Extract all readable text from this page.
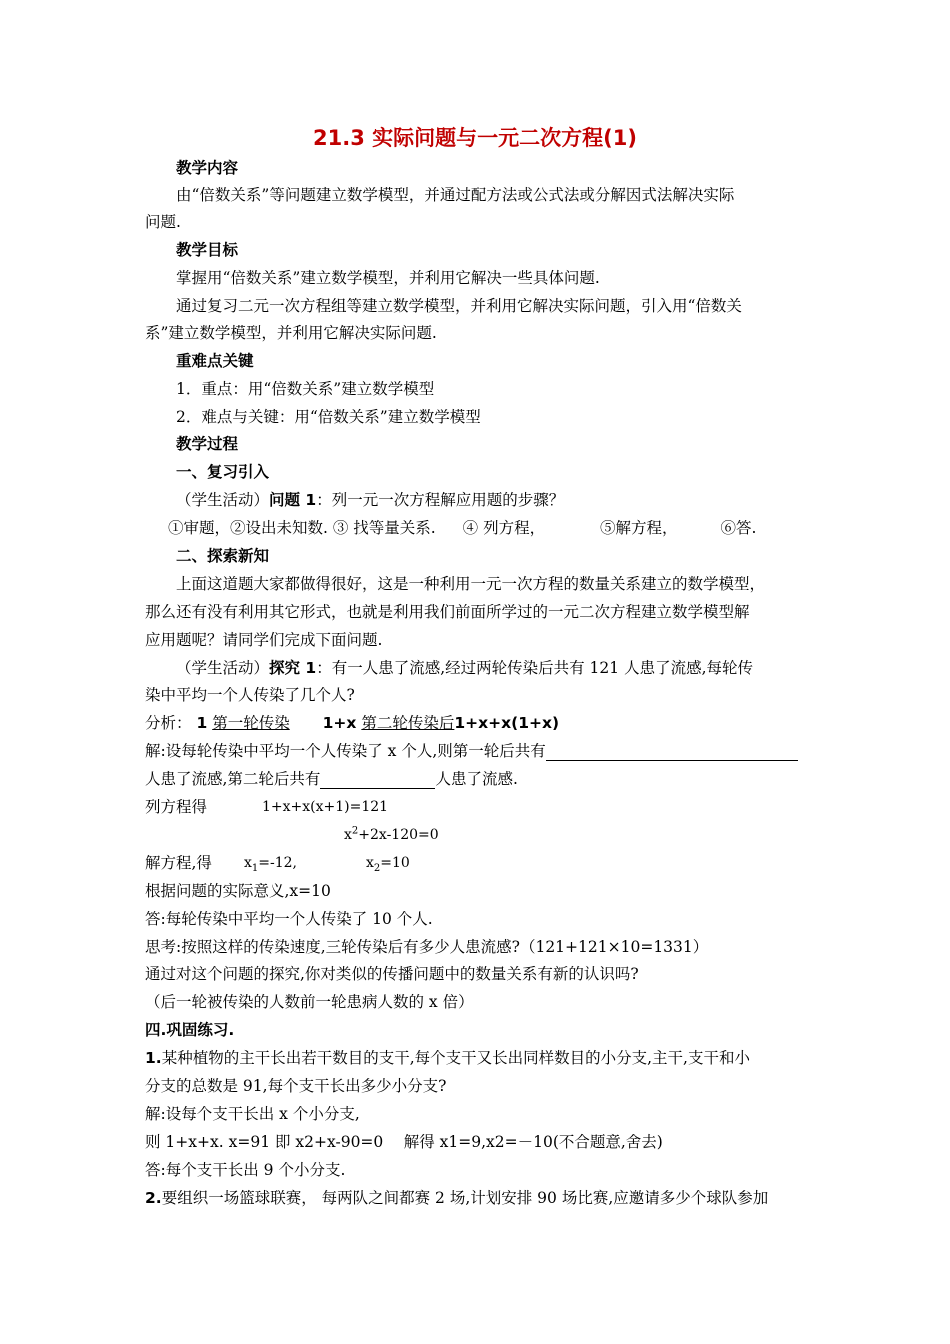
21.3 实际问题与一元二次方程(1)
教学内容
由“倍数关系”等问题建立数学模型，并通过配方法或公式法或分解因式法解决实际
问题.
教学目标
掌握用“倍数关系”建立数学模型，并利用它解决一些具体问题.
通过复习二元一次方程组等建立数学模型，并利用它解决实际问题，引入用“倍数关
系”建立数学模型，并利用它解决实际问题.
重难点关键
1．重点：用“倍数关系”建立数学模型
2．难点与关键：用“倍数关系”建立数学模型
教学过程
一、复习引入
（学生活动）问题 1：列一元一次方程解应用题的步骤？
①审题，②设出未知数. ③ 找等量关系. ④ 列方程，	⑤解方程，	⑥答.
二、探索新知
上面这道题大家都做得很好，这是一种利用一元一次方程的数量关系建立的数学模型，
那么还有没有利用其它形式，也就是利用我们前面所学过的一元二次方程建立数学模型解
应用题呢？请同学们完成下面问题.
（学生活动）探究 1：有一人患了流感,经过两轮传染后共有 121 人患了流感,每轮传
染中平均一个人传染了几个人?
分析： 1 第一轮传染 1+x 第二轮传染后1+x+x(1+x)
解:设每轮传染中平均一个人传染了 x 个人,则第一轮后共有
人患了流感,第二轮后共有	人患了流感.
列方程得	1+x+x(x+1)=121
$x^2+2x-120=0$
解方程,得 $x_1=-12$,	$x_2=10$
根据问题的实际意义,x=10
答:每轮传染中平均一个人传染了 10 个人.
思考:按照这样的传染速度,三轮传染后有多少人患流感?（121+121×10=1331）
通过对这个问题的探究,你对类似的传播问题中的数量关系有新的认识吗?
（后一轮被传染的人数前一轮患病人数的 x 倍）
四.巩固练习.
1.某种植物的主干长出若干数目的支干,每个支干又长出同样数目的小分支,主干,支干和小
分支的总数是 91,每个支干长出多少小分支?
解:设每个支干长出 x 个小分支,
则 1+x+x. x=91 即 x2+x-90=0　 解得 x1=9,x2=－10(不合题意,舍去)
答:每个支干长出 9 个小分支.
2.要组织一场篮球联赛， 每两队之间都赛 2 场,计划安排 90 场比赛,应邀请多少个球队参加
